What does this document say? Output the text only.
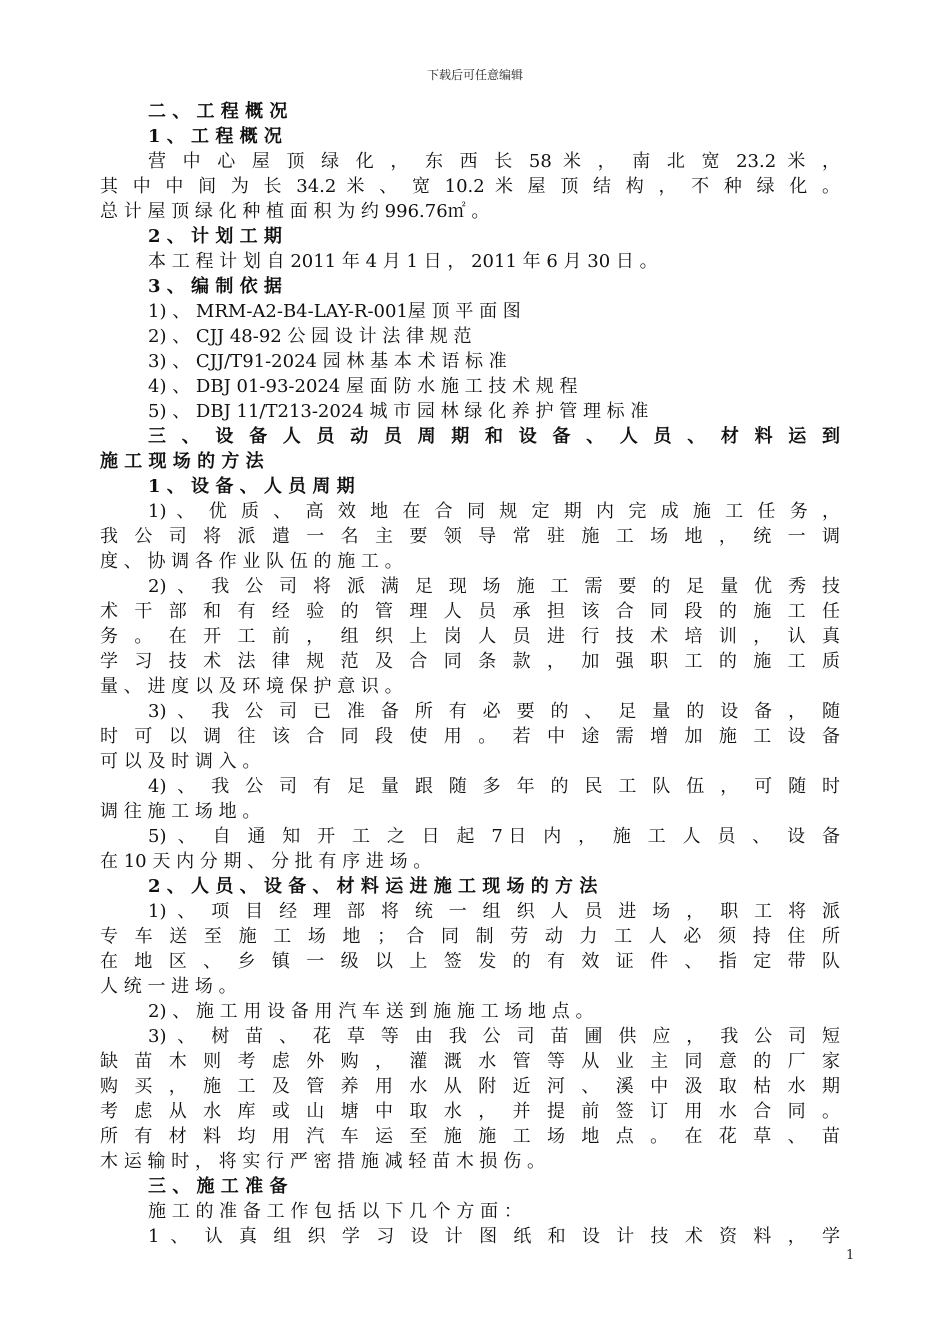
下载后可任意编辑
二 、 工 程 概 况
1 、 工 程 概 况
营 中 心 屋 顶 绿 化 ， 东 西 长 58 米 ， 南 北 宽 23.2 米 ，
其 中 中 间 为 长 34.2 米 、 宽 10.2 米 屋 顶 结 构 ， 不 种 绿 化 。
总 计 屋 顶 绿 化 种 植 面 积 为 约 996.76㎡ 。
2 、 计 划 工 期
本 工 程 计 划 自 2011 年 4 月 1 日 ， 2011 年 6 月 30 日 。
3 、 编 制 依 据
1) 、 MRM-A2-B4-LAY-R-001屋 顶 平 面 图
2) 、 CJJ 48-92 公 园 设 计 法 律 规 范
3) 、 CJJ/T91-2024 园 林 基 本 术 语 标 准
4) 、 DBJ 01-93-2024 屋 面 防 水 施 工 技 术 规 程
5) 、 DBJ 11/T213-2024 城 市 园 林 绿 化 养 护 管 理 标 准
三 、 设 备 人 员 动 员 周 期 和 设 备 、 人 员 、 材 料 运 到
施 工 现 场 的 方 法
1 、 设 备 、 人 员 周 期
1) 、 优 质 、 高 效 地 在 合 同 规 定 期 内 完 成 施 工 任 务 ，
我 公 司 将 派 遣 一 名 主 要 领 导 常 驻 施 工 场 地 ， 统 一 调
度 、 协 调 各 作 业 队 伍 的 施 工 。
2) 、 我 公 司 将 派 满 足 现 场 施 工 需 要 的 足 量 优 秀 技
术 干 部 和 有 经 验 的 管 理 人 员 承 担 该 合 同 段 的 施 工 任
务 。 在 开 工 前 ， 组 织 上 岗 人 员 进 行 技 术 培 训 ， 认 真
学 习 技 术 法 律 规 范 及 合 同 条 款 ， 加 强 职 工 的 施 工 质
量 、 进 度 以 及 环 境 保 护 意 识 。
3) 、 我 公 司 已 准 备 所 有 必 要 的 、 足 量 的 设 备 ， 随
时 可 以 调 往 该 合 同 段 使 用 。 若 中 途 需 增 加 施 工 设 备
可 以 及 时 调 入 。
4) 、 我 公 司 有 足 量 跟 随 多 年 的 民 工 队 伍 ， 可 随 时
调 往 施 工 场 地 。
5) 、 自 通 知 开 工 之 日 起 7日 内 ， 施 工 人 员 、 设 备
在 10 天 内 分 期 、 分 批 有 序 进 场 。
2 、 人 员 、 设 备 、 材 料 运 进 施 工 现 场 的 方 法
1) 、 项 目 经 理 部 将 统 一 组 织 人 员 进 场 ， 职 工 将 派
专 车 送 至 施 工 场 地 ； 合 同 制 劳 动 力 工 人 必 须 持 住 所
在 地 区 、 乡 镇 一 级 以 上 签 发 的 有 效 证 件 、 指 定 带 队
人 统 一 进 场 。
2) 、 施 工 用 设 备 用 汽 车 送 到 施 施 工 场 地 点 。
3) 、 树 苗 、 花 草 等 由 我 公 司 苗 圃 供 应 ， 我 公 司 短
缺 苗 木 则 考 虑 外 购 ， 灌 溉 水 管 等 从 业 主 同 意 的 厂 家
购 买 ， 施 工 及 管 养 用 水 从 附 近 河 、 溪 中 汲 取 枯 水 期
考 虑 从 水 库 或 山 塘 中 取 水 ， 并 提 前 签 订 用 水 合 同 。
所 有 材 料 均 用 汽 车 运 至 施 施 工 场 地 点 。 在 花 草 、 苗
木 运 输 时 ， 将 实 行 严 密 措 施 减 轻 苗 木 损 伤 。
三 、 施 工 准 备
施 工 的 准 备 工 作 包 括 以 下 几 个 方 面 ：
1 、 认 真 组 织 学 习 设 计 图 纸 和 设 计 技 术 资 料 ， 学
1
